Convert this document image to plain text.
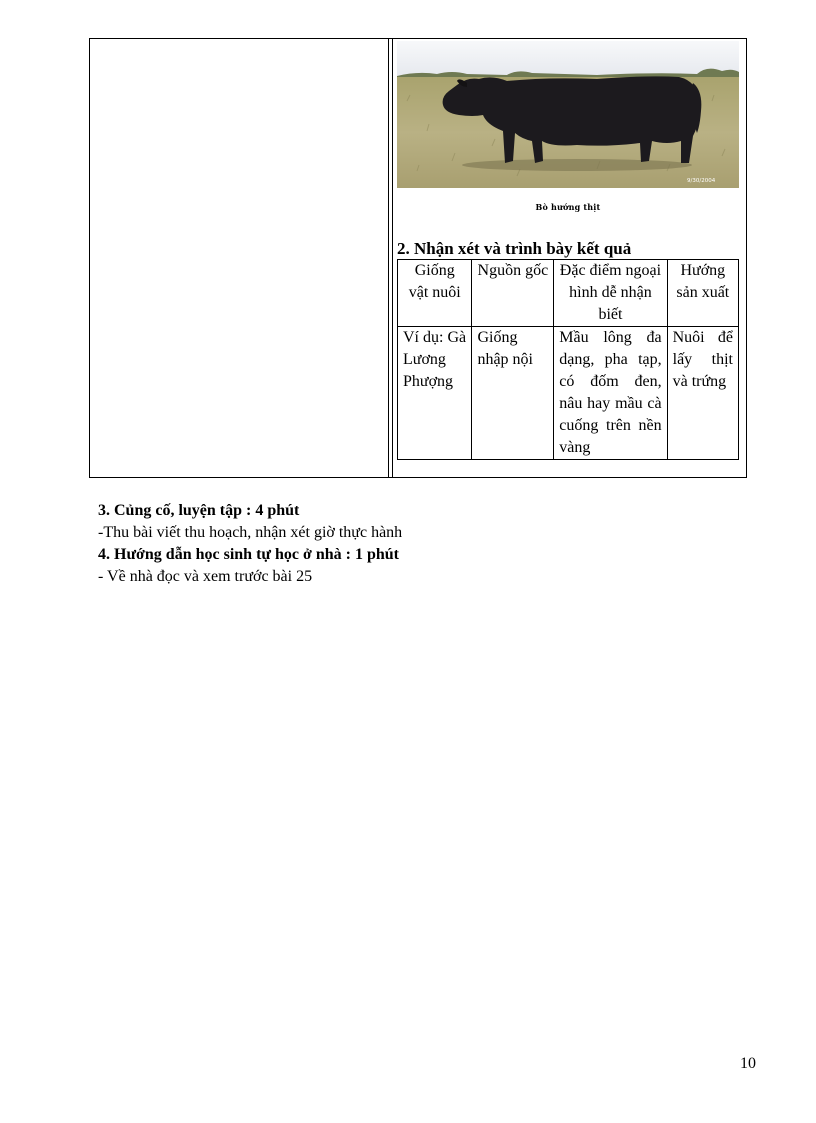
9/30/2004
Bò hướng thịt
2. Nhận xét và trình bày kết quả
Giống vật nuôi	Nguồn gốc	Đặc điểm ngoại hình dễ nhận biết	Hướng sản xuất
Ví dụ: Gà Lương Phượng	Giống nhập nội	Mầu lông đa dạng, pha tạp, có đốm đen, nâu hay mầu cà cuống trên nền vàng	Nuôi để lấy thịt và trứng
3. Củng cố, luyện tập : 4 phút
-Thu bài viết thu hoạch, nhận xét giờ thực hành
4. Hướng dẫn học sinh tự học ở nhà : 1 phút
- Về nhà đọc và xem trước bài 25
10
